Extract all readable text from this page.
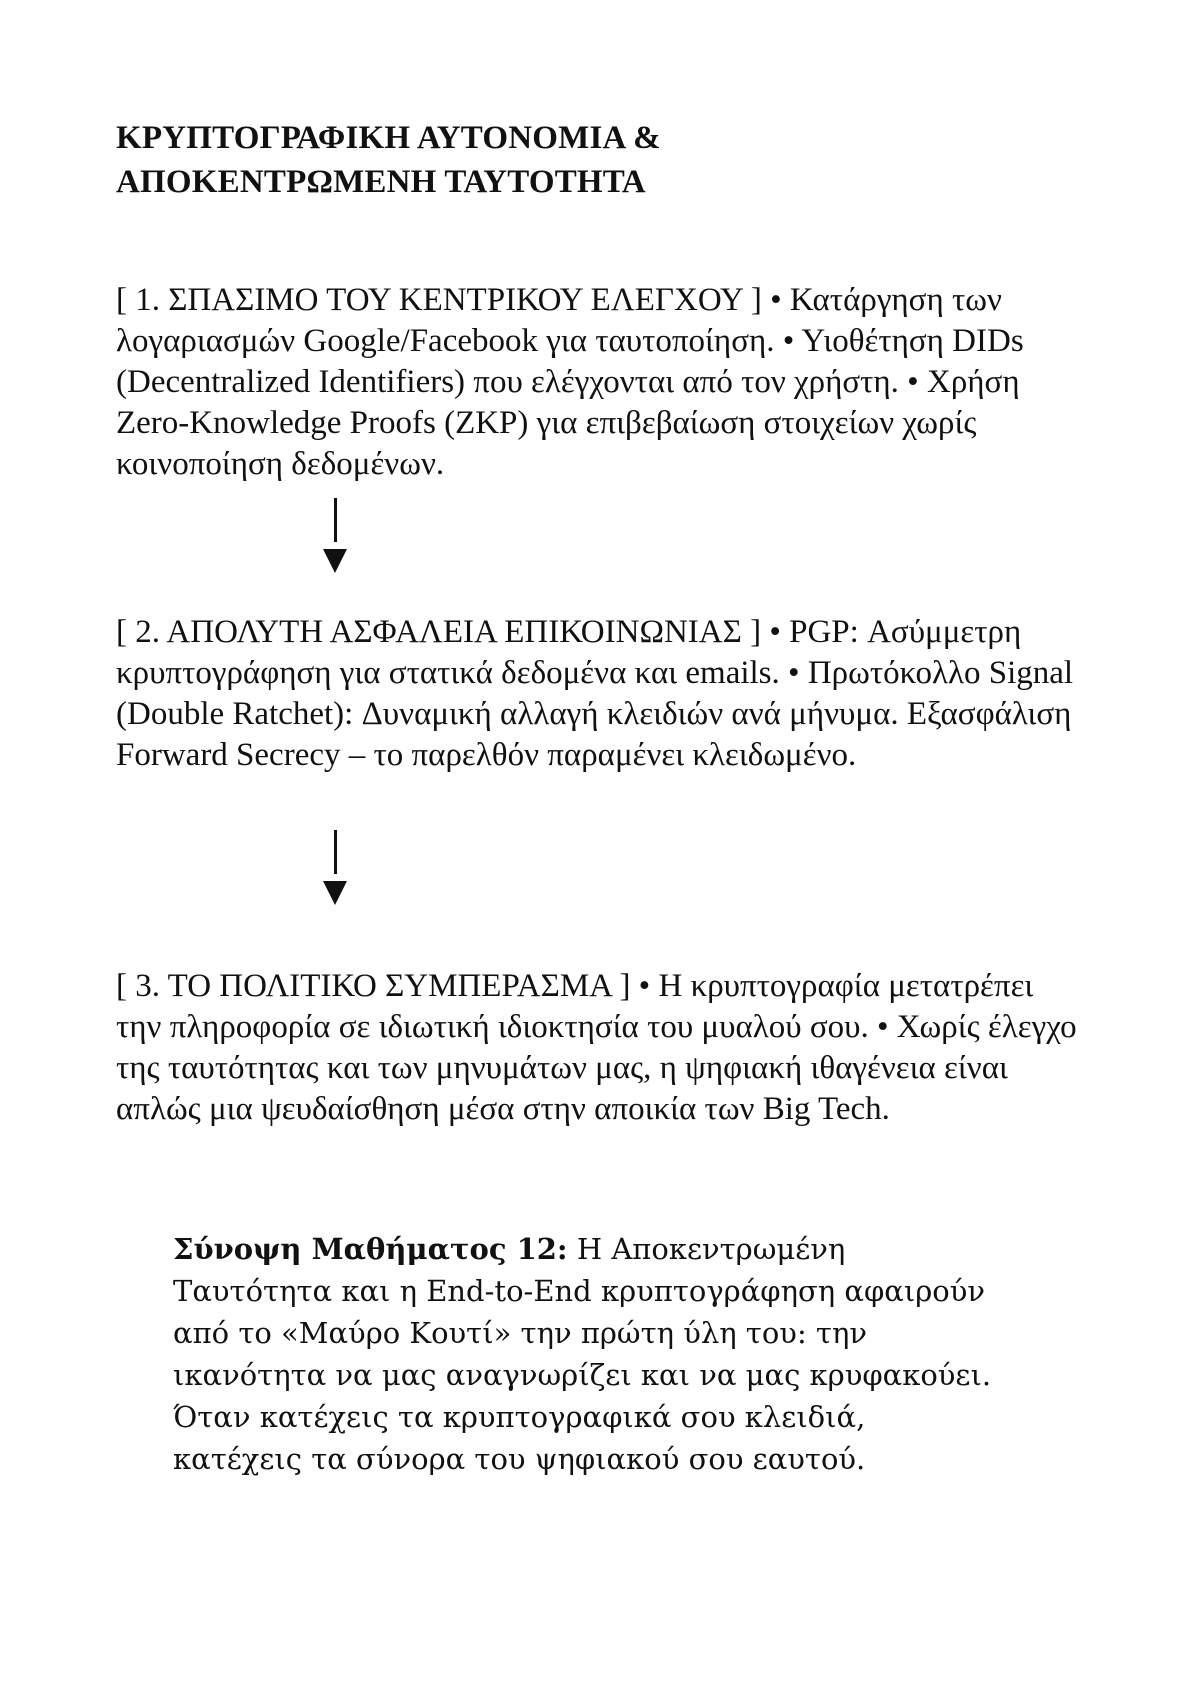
ΚΡΥΠΤΟΓΡΑΦΙΚΗ ΑΥΤΟΝΟΜΙΑ &
ΑΠΟΚΕΝΤΡΩΜΕΝΗ ΤΑΥΤΟΤΗΤΑ

[ 1. ΣΠΑΣΙΜΟ ΤΟΥ ΚΕΝΤΡΙΚΟΥ ΕΛΕΓΧΟΥ ] • Κατάργηση των λογαριασμών Google/Facebook για ταυτοποίηση. • Υιοθέτηση DIDs (Decentralized Identifiers) που ελέγχονται από τον χρήστη. • Χρήση Zero-Knowledge Proofs (ZKP) για επιβεβαίωση στοιχείων χωρίς κοινοποίηση δεδομένων.

[ 2. ΑΠΟΛΥΤΗ ΑΣΦΑΛΕΙΑ ΕΠΙΚΟΙΝΩΝΙΑΣ ] • PGP: Ασύμμετρη κρυπτογράφηση για στατικά δεδομένα και emails. • Πρωτόκολλο Signal (Double Ratchet): Δυναμική αλλαγή κλειδιών ανά μήνυμα. Εξασφάλιση Forward Secrecy – το παρελθόν παραμένει κλειδωμένο.

[ 3. ΤΟ ΠΟΛΙΤΙΚΟ ΣΥΜΠΕΡΑΣΜΑ ] • Η κρυπτογραφία μετατρέπει την πληροφορία σε ιδιωτική ιδιοκτησία του μυαλού σου. • Χωρίς έλεγχο της ταυτότητας και των μηνυμάτων μας, η ψηφιακή ιθαγένεια είναι απλώς μια ψευδαίσθηση μέσα στην αποικία των Big Tech.

Σύνοψη Μαθήματος 12: Η Αποκεντρωμένη Ταυτότητα και η End-to-End κρυπτογράφηση αφαιρούν από το «Μαύρο Κουτί» την πρώτη ύλη του: την ικανότητα να μας αναγνωρίζει και να μας κρυφακούει. Όταν κατέχεις τα κρυπτογραφικά σου κλειδιά, κατέχεις τα σύνορα του ψηφιακού σου εαυτού.
